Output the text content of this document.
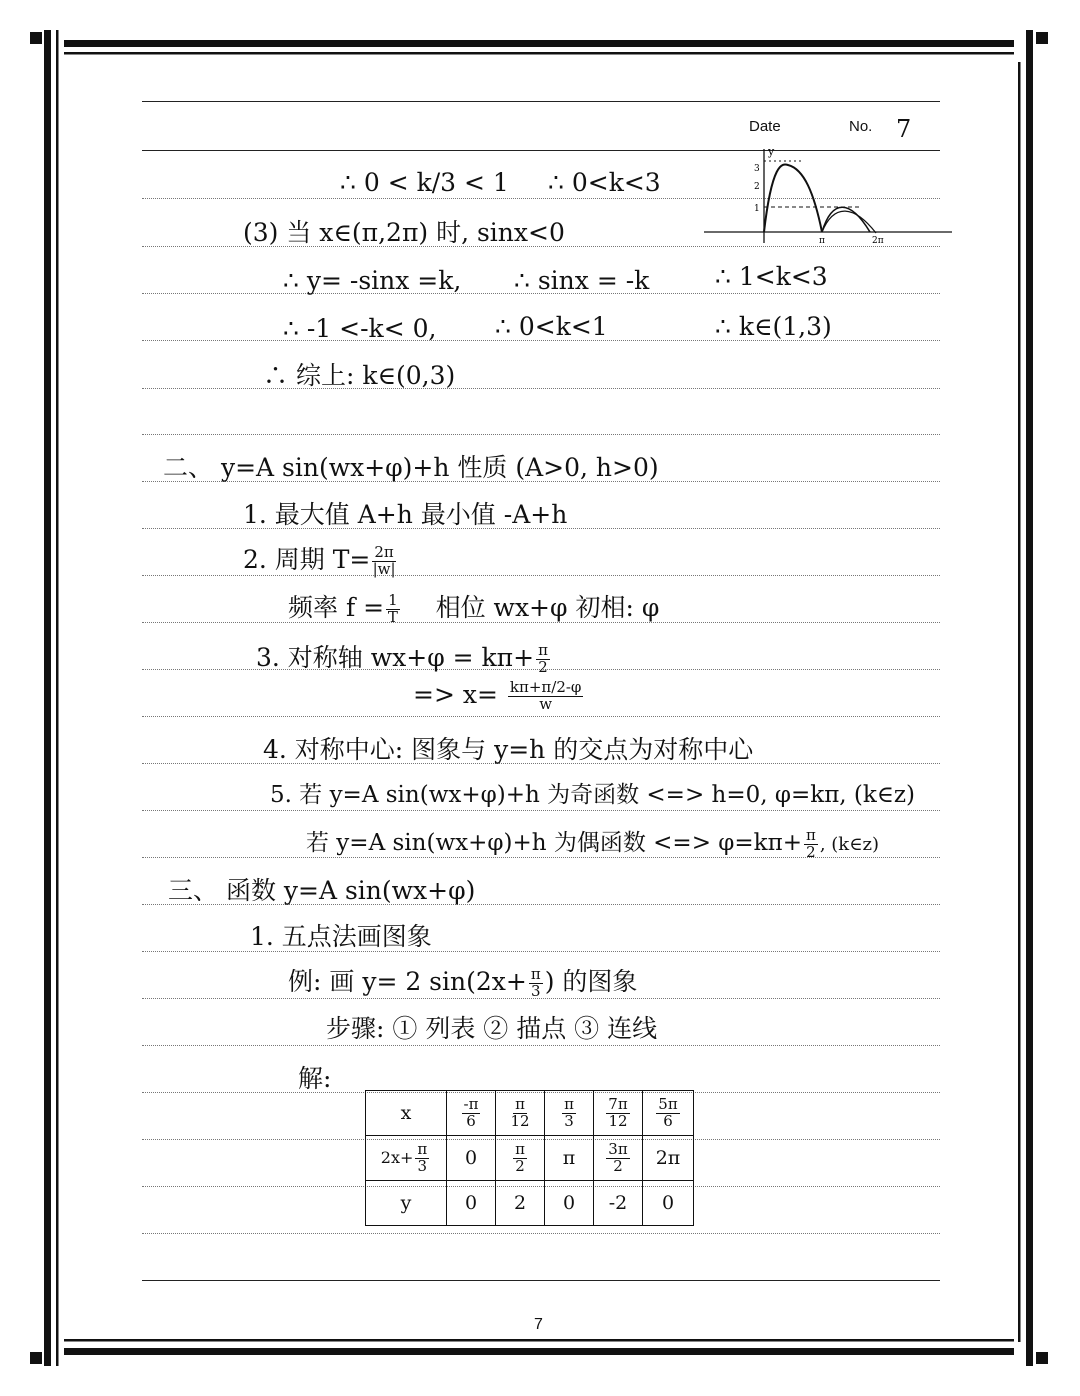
Date	No. 7
y
3
2
1
π	2π
∴ 0 < k/3 < 1 ∴ 0<k<3
(3) 当 x∈(π,2π) 时, sinx<0
∴ y= -sinx =k, ∴ sinx = -k	∴ 1<k<3
∴ -1 <-k< 0, ∴ 0<k<1	∴ k∈(1,3)
∴ 综上: k∈(0,3)
二、 y=A sin(wx+φ)+h 性质 (A>0, h>0)
1. 最大值 A+h 最小值 -A+h
2. 周期 $T= \frac{2\pi}{|w|}$
频率 $f = \frac{1}{T}$ 相位 wx+φ 初相: φ
3. 对称轴 $wx+\varphi = k\pi+ \frac{\pi}{2}$
=> $x= \frac{k\pi+\pi/2-\varphi}{w}$
4. 对称中心: 图象与 y=h 的交点为对称中心
5. 若 y=A sin(wx+φ)+h 为奇函数 <=> h=0, φ=kπ, (k∈z)
若 y=A sin(wx+φ)+h 为偶函数 <=> $\varphi=k\pi+ \frac{\pi}{2}$ , (k∈z)
三、 函数 y=A sin(wx+φ)
1. 五点法画图象
例: 画 y= 2 $\sin(2x+ \frac{\pi}{3}$ ) 的图象
步骤: ① 列表 ② 描点 ③ 连线
解:
x	$\frac{-\pi}{6}$	$\frac{\pi}{12}$	$\frac{\pi}{3}$	$\frac{7\pi}{12}$	$\frac{5\pi}{6}$

$2x+ \frac{\pi}{3}$	0	$\frac{\pi}{2}$	π	$\frac{3\pi}{2}$	2π
y	0	2	0	-2	0
7
